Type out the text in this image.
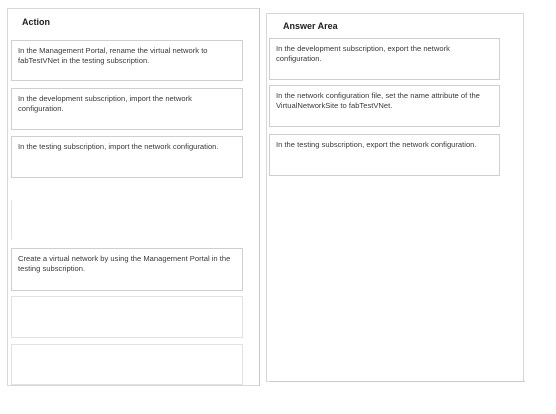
Action
In the Management Portal, rename the virtual network to fabTestVNet in the testing subscription.
In the development subscription, import the network configuration.
In the testing subscription, import the network configuration.
Create a virtual network by using the Management Portal in the testing subscription.
Answer Area
In the development subscription, export the network configuration.
In the network configuration file, set the name attribute of the VirtualNetworkSite to fabTestVNet.
In the testing subscription, export the network configuration.
